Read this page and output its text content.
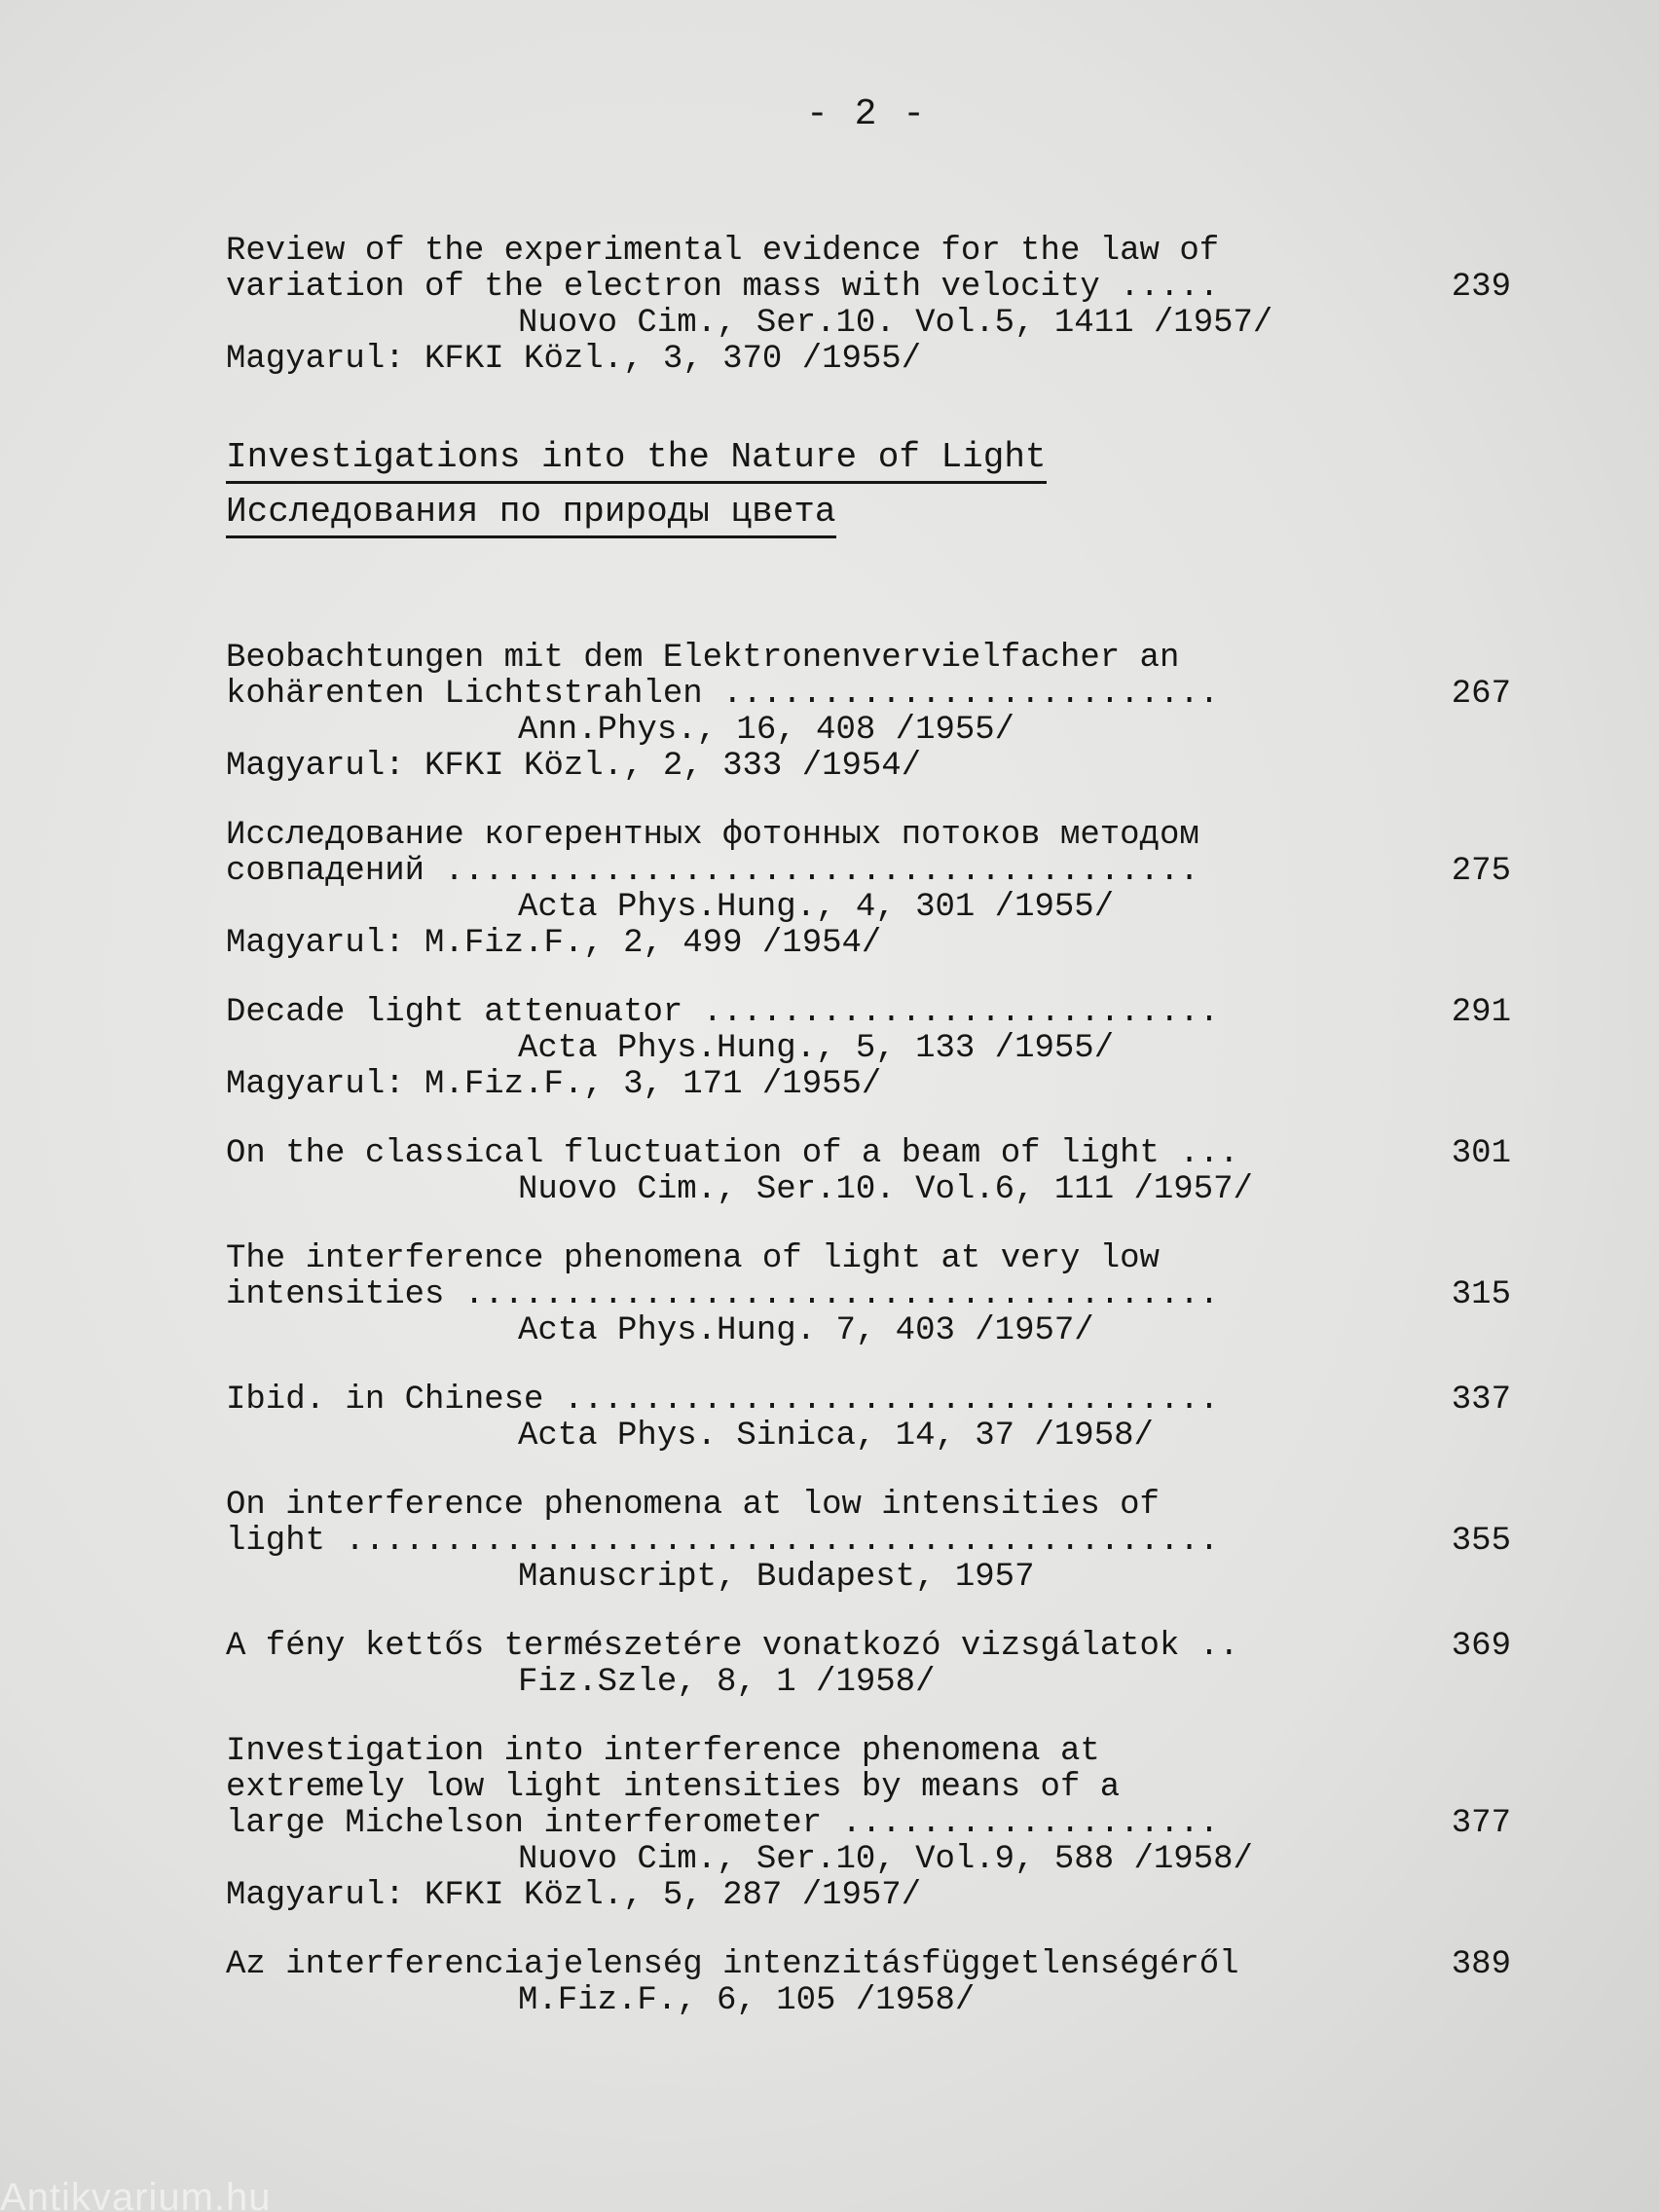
- 2 -
Review of the experimental evidence for the law of
variation of the electron mass with velocity .....	239
Nuovo Cim., Ser.10. Vol.5, 1411 /1957/
Magyarul: KFKI Közl., 3, 370 /1955/
Investigations into the Nature of Light
Исследования по природы цвета
Beobachtungen mit dem Elektronenvervielfacher an
kohärenten Lichtstrahlen .........................	267
Ann.Phys., 16, 408 /1955/
Magyarul: KFKI Közl., 2, 333 /1954/
Исследование когерентных фотонных потоков методом
совпадений ......................................	275
Acta Phys.Hung., 4, 301 /1955/
Magyarul: M.Fiz.F., 2, 499 /1954/
Decade light attenuator ..........................	291
Acta Phys.Hung., 5, 133 /1955/
Magyarul: M.Fiz.F., 3, 171 /1955/
On the classical fluctuation of a beam of light ...	301
Nuovo Cim., Ser.10. Vol.6, 111 /1957/
The interference phenomena of light at very low
intensities ......................................	315
Acta Phys.Hung. 7, 403 /1957/
Ibid. in Chinese .................................	337
Acta Phys. Sinica, 14, 37 /1958/
On interference phenomena at low intensities of
light ............................................	355
Manuscript, Budapest, 1957
A fény kettős természetére vonatkozó vizsgálatok ..	369
Fiz.Szle, 8, 1 /1958/
Investigation into interference phenomena at
extremely low light intensities by means of a
large Michelson interferometer ...................	377
Nuovo Cim., Ser.10, Vol.9, 588 /1958/
Magyarul: KFKI Közl., 5, 287 /1957/
Az interferenciajelenség intenzitásfüggetlenségéről	389
M.Fiz.F., 6, 105 /1958/
Antikvarium.hu
